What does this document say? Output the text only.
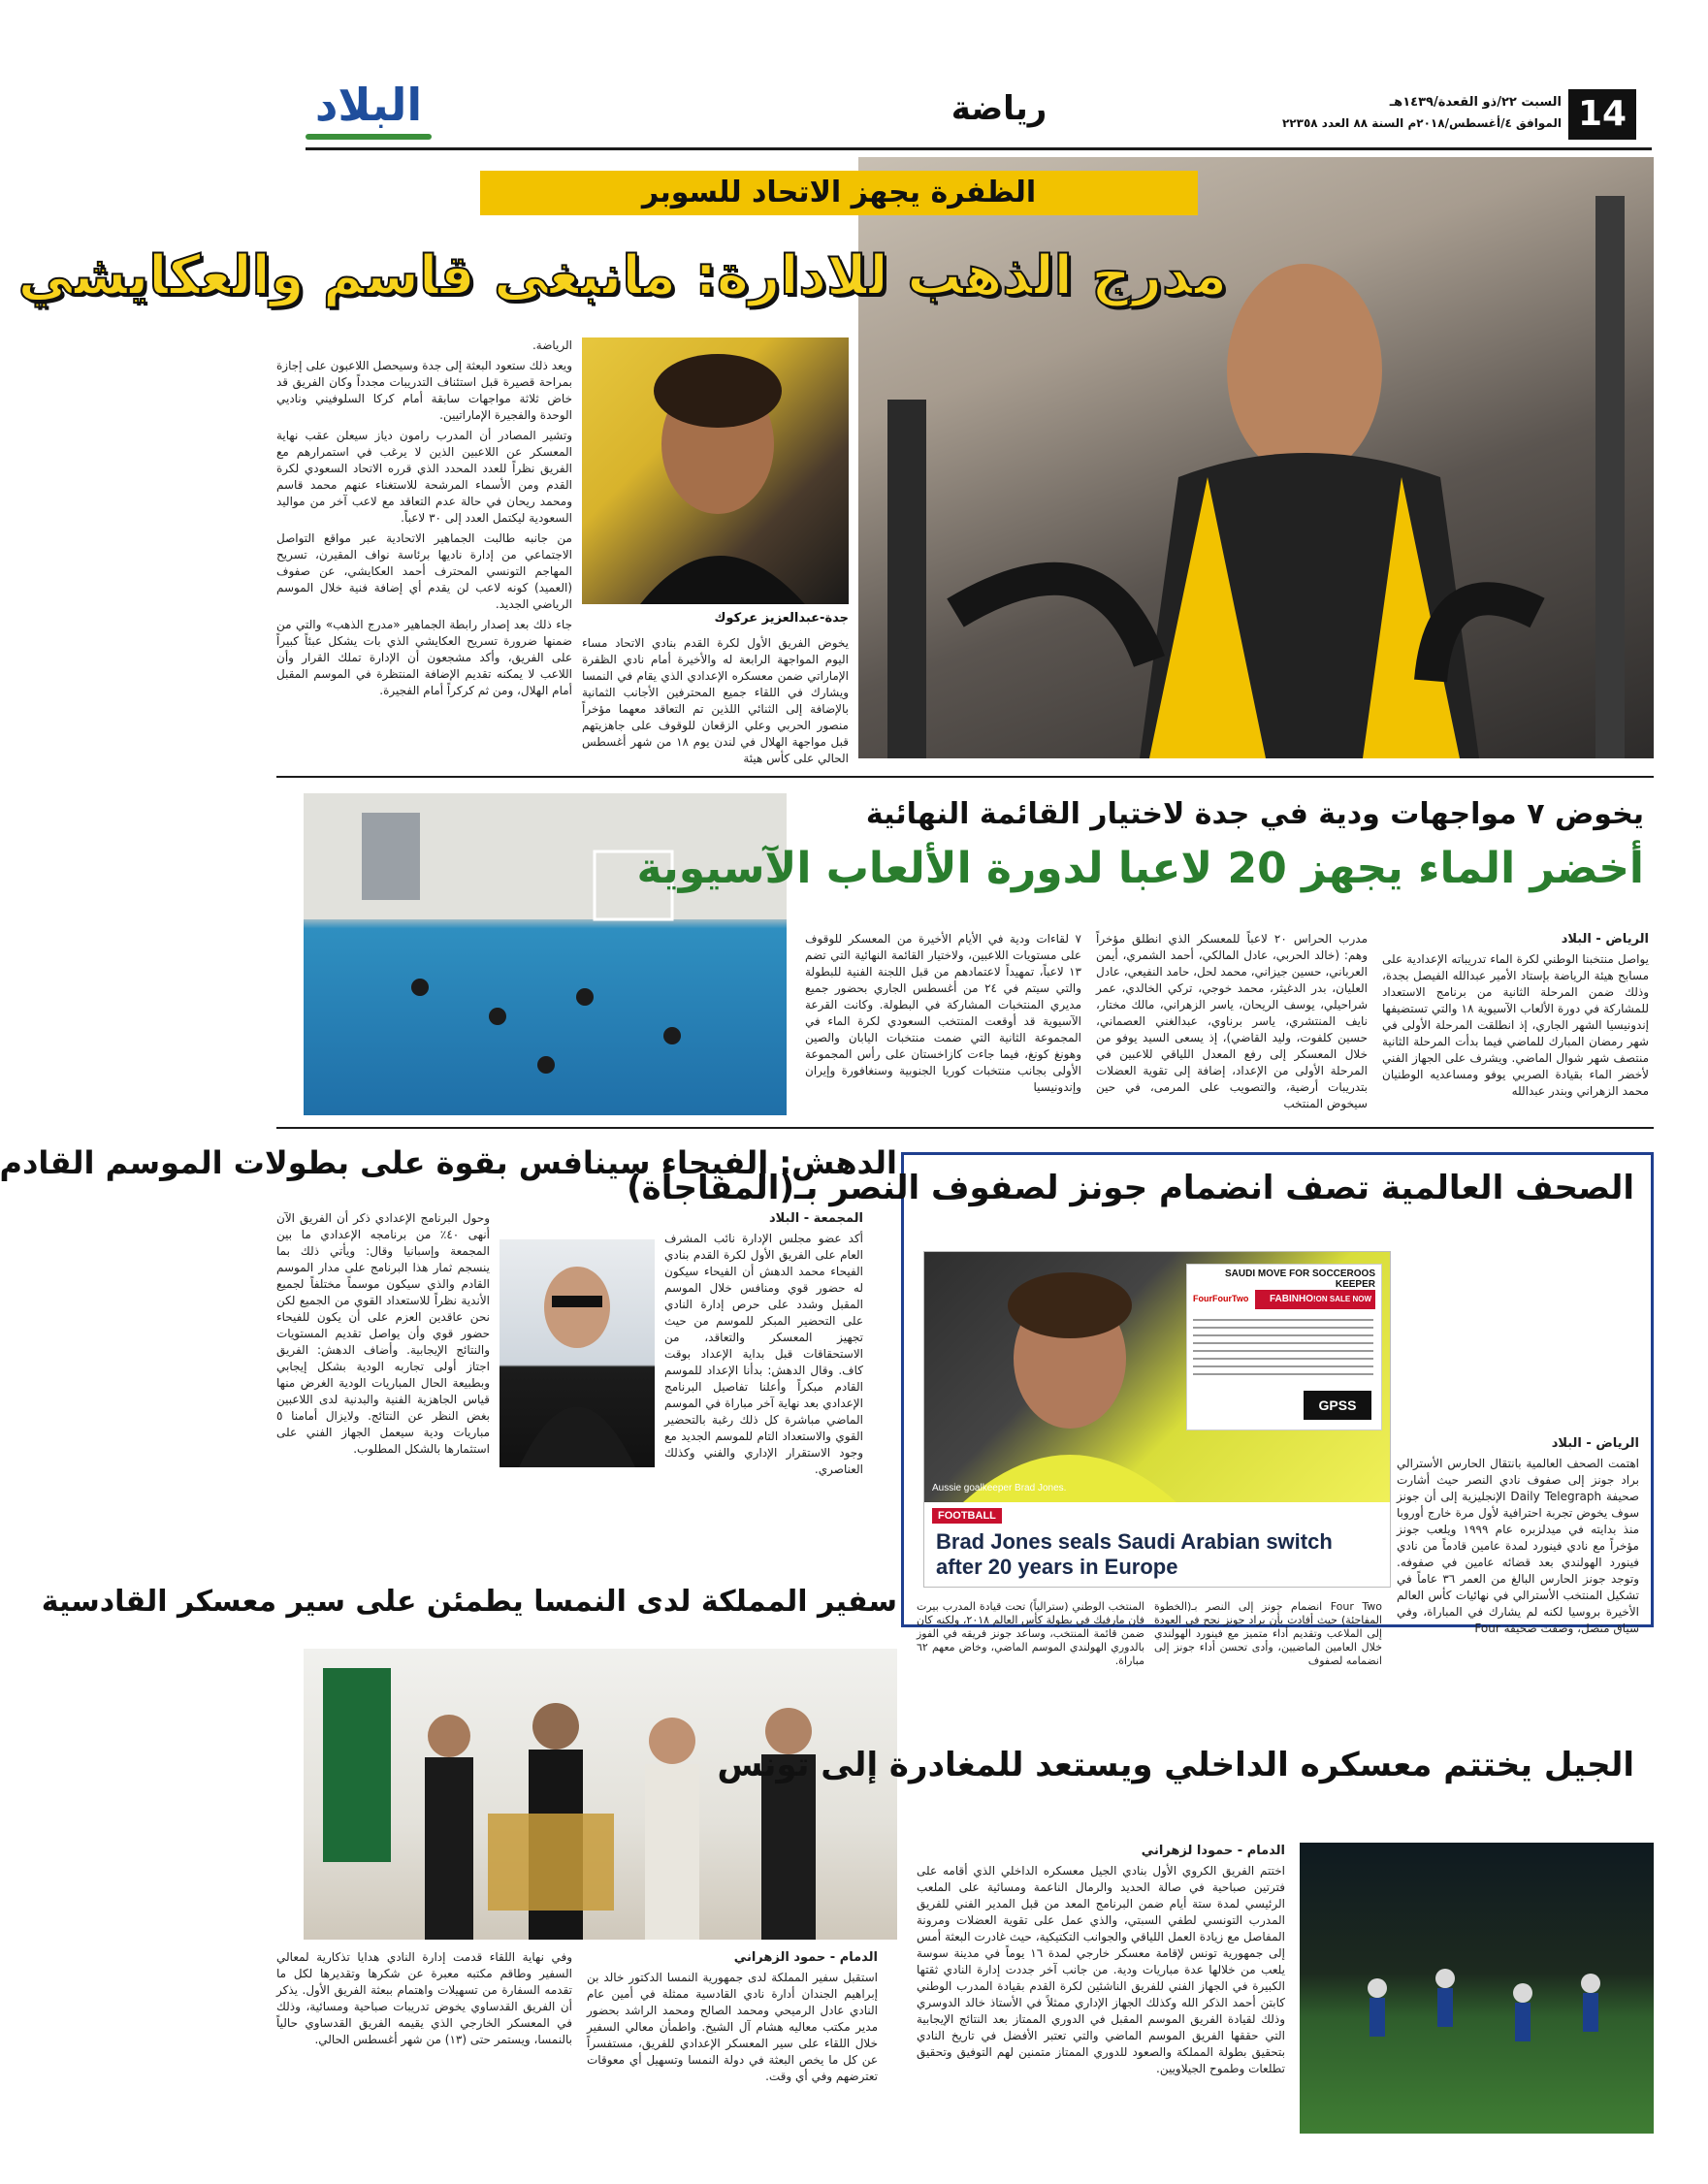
14
السبت ٢٢/ذو القعدة/١٤٣٩هـ
الموافق ٤/أغسطس/٢٠١٨م السنة ٨٨ العدد ٢٢٣٥٨
رياضة
البلاد
الظفرة يجهز الاتحاد للسوبر
مدرج الذهب للادارة: مانبغى قاسم والعكايشي
جدة-عبدالعزيز عركوك
يخوض الفريق الأول لكرة القدم بنادي الاتحاد مساء اليوم المواجهة الرابعة له والأخيرة أمام نادي الظفرة الإماراتي ضمن معسكره الإعدادي الذي يقام في النمسا ويشارك في اللقاء جميع المحترفين الأجانب الثمانية بالإضافة إلى الثنائي اللذين تم التعاقد معهما مؤخراً منصور الحربي وعلي الزقعان للوقوف على جاهزيتهم قبل مواجهة الهلال في لندن يوم ١٨ من شهر أغسطس الحالي على كأس هيئة

الرياضة.

ويعد ذلك ستعود البعثة إلى جدة وسيحصل اللاعبون على إجازة بمراحة قصيرة قبل استئناف التدريبات مجدداً وكان الفريق قد خاض ثلاثة مواجهات سابقة أمام كركا السلوفيني وناديي الوحدة والفجيرة الإماراتيين.

وتشير المصادر أن المدرب رامون دياز سيعلن عقب نهاية المعسكر عن اللاعبين الذين لا يرغب في استمرارهم مع الفريق نظراً للعدد المحدد الذي قرره الاتحاد السعودي لكرة القدم ومن الأسماء المرشحة للاستغناء عنهم محمد قاسم ومحمد ريحان في حالة عدم التعاقد مع لاعب آخر من مواليد السعودية ليكتمل العدد إلى ٣٠ لاعباً.

من جانبه طالبت الجماهير الاتحادية عبر مواقع التواصل الاجتماعي من إدارة ناديها برئاسة نواف المقيرن، تسريح المهاجم التونسي المحترف أحمد العكايشي، عن صفوف (العميد) كونه لاعب لن يقدم أي إضافة فنية خلال الموسم الرياضي الجديد.

جاء ذلك بعد إصدار رابطة الجماهير «مدرج الذهب» والتي من ضمنها ضرورة تسريح العكايشي الذي بات يشكل عبئاً كبيراً على الفريق، وأكد مشجعون أن الإدارة تملك القرار وأن اللاعب لا يمكنه تقديم الإضافة المنتظرة في الموسم المقبل أمام الهلال، ومن ثم كركراً أمام الفجيرة.

يخوض ٧ مواجهات ودية في جدة لاختيار القائمة النهائية
أخضر الماء يجهز 20 لاعبا لدورة الألعاب الآسيوية
الرياض - البلاد
يواصل منتخبنا الوطني لكرة الماء تدريباته الإعدادية على مسابح هيئة الرياضة بإستاد الأمير عبدالله الفيصل بجدة، وذلك ضمن المرحلة الثانية من برنامج الاستعداد للمشاركة في دورة الألعاب الآسيوية ١٨ والتي تستضيفها إندونيسيا الشهر الجاري، إذ انطلقت المرحلة الأولى في شهر رمضان المبارك للماضي فيما بدأت المرحلة الثانية منتصف شهر شوال الماضي. ويشرف على الجهاز الفني لأخضر الماء بقيادة الصربي يوفو ومساعديه الوطنيان محمد الزهراني وبندر عبدالله
مدرب الحراس ٢٠ لاعباً للمعسكر الذي انطلق مؤخراً وهم: (خالد الحربي، عادل المالكي، أحمد الشمري، أيمن العرباني، حسين جيزاني، محمد لحل، حامد النفيعي، عادل العليان، بدر الدغيثر، محمد خوجي، تركي الخالدي، عمر شراحيلي، يوسف الريحان، ياسر الزهراني، مالك مختار، نايف المنتشري، ياسر برناوي، عبدالغني العصماني، حسين كلفوت، وليد القاضي)، إذ يسعى السيد يوفو من خلال المعسكر إلى رفع المعدل اللياقي للاعبين في المرحلة الأولى من الإعداد، إضافة إلى تقوية العضلات بتدريبات أرضية، والتصويب على المرمى، في حين سيخوض المنتخب
٧ لقاءات ودية في الأيام الأخيرة من المعسكر للوقوف على مستويات اللاعبين، ولاختيار القائمة النهائية التي تضم ١٣ لاعباً، تمهيداً لاعتمادهم من قبل اللجنة الفنية للبطولة والتي سيتم في ٢٤ من أغسطس الجاري بحضور جميع مديري المنتخبات المشاركة في البطولة. وكانت القرعة الآسيوية قد أوقعت المنتخب السعودي لكرة الماء في المجموعة الثانية التي ضمت منتخبات اليابان والصين وهونغ كونغ، فيما جاءت كازاخستان على رأس المجموعة الأولى بجانب منتخبات كوريا الجنوبية وسنغافورة وإيران وإندونيسيا
الدهش: الفيحاء سينافس بقوة على بطولات الموسم القادم
المجمعة - البلاد
أكد عضو مجلس الإدارة نائب المشرف العام على الفريق الأول لكرة القدم بنادي الفيحاء محمد الدهش أن الفيحاء سيكون له حضور قوي ومنافس خلال الموسم المقبل وشدد على حرص إدارة النادي على التحضير المبكر للموسم من حيث تجهيز المعسكر والتعاقد، من الاستحقاقات قبل بداية الإعداد بوقت كاف. وقال الدهش: بدأنا الإعداد للموسم القادم مبكراً وأعلنا تفاصيل البرنامج الإعدادي بعد نهاية آخر مباراة في الموسم الماضي مباشرة كل ذلك رغبة بالتحضير القوي والاستعداد التام للموسم الجديد مع وجود الاستقرار الإداري والفني وكذلك العناصري.
وحول البرنامج الإعدادي ذكر أن الفريق الآن أنهى ٤٠٪ من برنامجه الإعدادي ما بين المجمعة وإسبانيا وقال: ويأتي ذلك بما ينسجم ثمار هذا البرنامج على مدار الموسم القادم والذي سيكون موسماً مختلفاً لجميع الأندية نظراً للاستعداد القوي من الجميع لكن نحن عاقدين العزم على أن يكون للفيحاء حضور قوي وأن يواصل تقديم المستويات والنتائج الإيجابية. وأضاف الدهش: الفريق اجتاز أولى تجاربه الودية بشكل إيجابي وبطبيعة الحال المباريات الودية الغرض منها قياس الجاهزية الفنية والبدنية لدى اللاعبين بغض النظر عن النتائج. ولايزال أمامنا ٥ مباريات ودية سيعمل الجهاز الفني على استثمارها بالشكل المطلوب.
الصحف العالمية تصف انضمام جونز لصفوف النصر بـ(المفاجأة)
SAUDI MOVE FOR SOCCEROOS KEEPER
FourFourTwo	FABINHO ON SALE NOW!
GPSS
Aussie goalkeeper Brad Jones.
FOOTBALL
Brad Jones seals Saudi Arabian switch after 20 years in Europe
الرياض - البلاد
اهتمت الصحف العالمية بانتقال الحارس الأسترالي براد جونز إلى صفوف نادي النصر حيث أشارت صحيفة Daily Telegraph الإنجليزية إلى أن جونز سوف يخوض تجربة احترافية لأول مرة خارج أوروبا منذ بدايته في ميدلزبره عام ١٩٩٩ ويلعب جونز مؤخراً مع نادي فينورد لمدة عامين قادماً من نادي فينورد الهولندي بعد قضائه عامين في صفوفه. وتوجد جونز الحارس البالغ من العمر ٣٦ عاماً في تشكيل المنتخب الأسترالي في نهائيات كأس العالم الأخيرة بروسيا لكنه لم يشارك في المباراة، وفي سياق متصل، وصفت صحيفة Four
Four Two انضمام جونز إلى النصر بـ(الخطوة المفاجئة) حيث أفادت بأن براد جونز نجح في العودة إلى الملاعب وتقديم أداء متميز مع فينورد الهولندي خلال العامين الماضيين، وأدى تحسن أداء جونز إلى انضمامه لصفوف
المنتخب الوطني (سترالياً) تحت قيادة المدرب بيرت فان مارفيك في بطولة كأس العالم ٢٠١٨، ولكنه كان ضمن قائمة المنتخب، وساعد جونز فريقه في الفوز بالدوري الهولندي الموسم الماضي، وخاض معهم ٦٢ مباراة.
سفير المملكة لدى النمسا يطمئن على سير معسكر القادسية
الدمام - حمود الزهراني
استقبل سفير المملكة لدى جمهورية النمسا الدكتور خالد بن إبراهيم الجندان أدارة نادي القادسية ممثلة في أمين عام النادي عادل الرميحي ومحمد الصالح ومحمد الراشد بحضور مدير مكتب معاليه هشام آل الشيخ. واطمأن معالي السفير خلال اللقاء على سير المعسكر الإعدادي للفريق، مستفسراً عن كل ما يخص البعثة في دولة النمسا وتسهيل أي معوقات تعترضهم وفي أي وقت.
وفي نهاية اللقاء قدمت إدارة النادي هدايا تذكارية لمعالي السفير وطاقم مكتبه معبرة عن شكرها وتقديرها لكل ما تقدمه السفارة من تسهيلات واهتمام ببعثة الفريق الأول. يذكر أن الفريق القدساوي يخوض تدريبات صباحية ومسائية، وذلك في المعسكر الخارجي الذي يقيمه الفريق القدساوي حالياً بالنمسا، ويستمر حتى (١٣) من شهر أغسطس الحالي.
الجيل يختتم معسكره الداخلي ويستعد للمغادرة إلى تونس
الدمام - حمودا لزهراني
اختتم الفريق الكروي الأول بنادي الجيل معسكره الداخلي الذي أقامه على فترتين صباحية في صالة الحديد والرمال الناعمة ومسائية على الملعب الرئيسي لمدة ستة أيام ضمن البرنامج المعد من قبل المدير الفني للفريق المدرب التونسي لطفي السبتي، والذي عمل على تقوية العضلات ومرونة المفاصل مع زيادة العمل اللياقي والجوانب التكتيكية، حيث غادرت البعثة أمس إلى جمهورية تونس لإقامة معسكر خارجي لمدة ١٦ يوماً في مدينة سوسة يلعب من خلالها عدة مباريات ودية. من جانب آخر جددت إدارة النادي ثقتها الكبيرة في الجهاز الفني للفريق الناشئين لكرة القدم بقيادة المدرب الوطني كابتن أحمد الذكر الله وكذلك الجهاز الإداري ممثلاً في الأستاذ خالد الدوسري وذلك لقيادة الفريق الموسم المقبل في الدوري الممتاز بعد النتائج الإيجابية التي حققها الفريق الموسم الماضي والتي تعتبر الأفضل في تاريخ النادي بتحقيق بطولة المملكة والصعود للدوري الممتاز متمنين لهم التوفيق وتحقيق تطلعات وطموح الجيلاويين.
